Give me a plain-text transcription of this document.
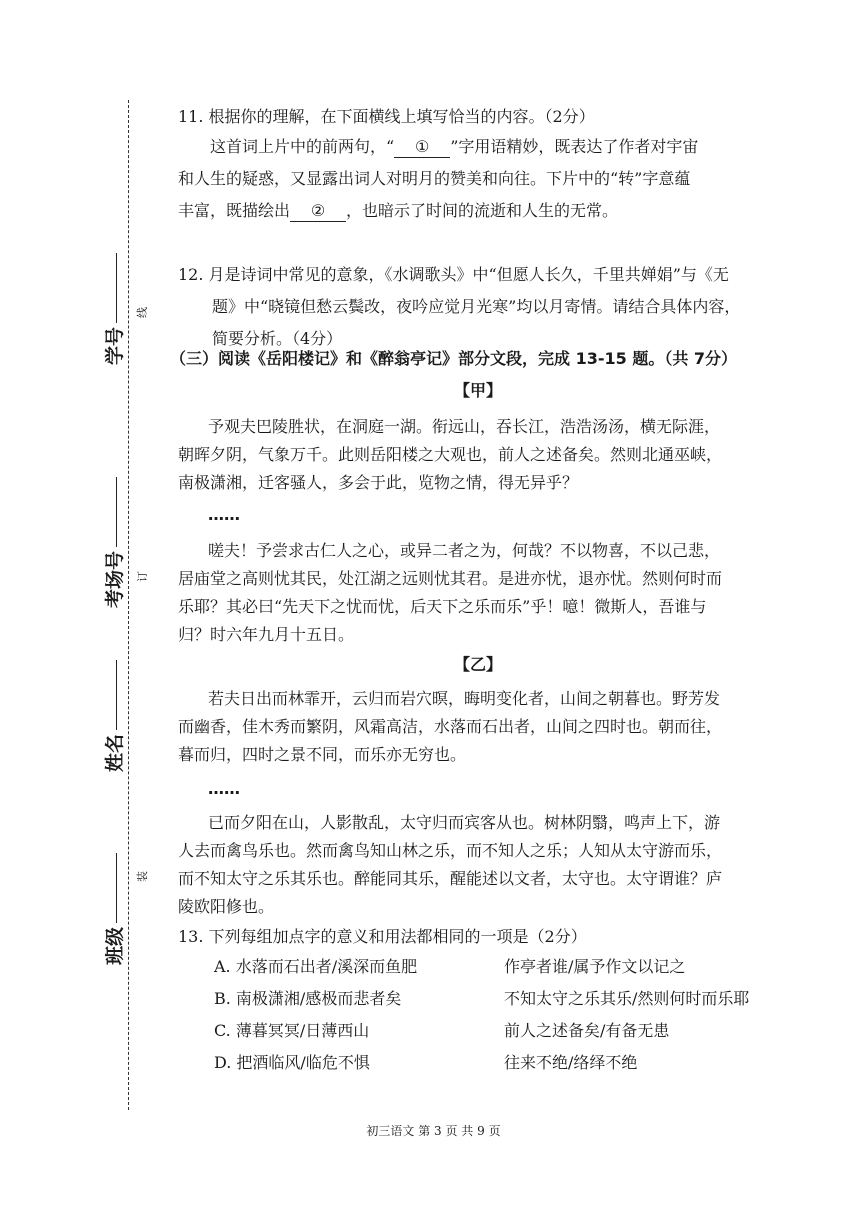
学号
线
考场号 订
姓名
装
班级
11. 根据你的理解，在下面横线上填写恰当的内容。（2分）
这首词上片中的前两句，“ ① ”字用语精妙，既表达了作者对宇宙
和人生的疑惑，又显露出词人对明月的赞美和向往。下片中的“转”字意蕴
丰富，既描绘出 ② ，也暗示了时间的流逝和人生的无常。
12. 月是诗词中常见的意象，《水调歌头》中“但愿人长久，千里共婵娟”与《无
题》中“晓镜但愁云鬓改，夜吟应觉月光寒”均以月寄情。请结合具体内容，
简要分析。（4分）
（三）阅读《岳阳楼记》和《醉翁亭记》部分文段，完成 13-15 题。（共 7分）
【甲】
予观夫巴陵胜状，在洞庭一湖。衔远山，吞长江，浩浩汤汤，横无际涯，
朝晖夕阴，气象万千。此则岳阳楼之大观也，前人之述备矣。然则北通巫峡，
南极潇湘，迁客骚人，多会于此，览物之情，得无异乎？
……
嗟夫！予尝求古仁人之心，或异二者之为，何哉？不以物喜，不以己悲，
居庙堂之高则忧其民，处江湖之远则忧其君。是进亦忧，退亦忧。然则何时而
乐耶？其必曰“先天下之忧而忧，后天下之乐而乐”乎！噫！微斯人，吾谁与
归？时六年九月十五日。
【乙】
若夫日出而林霏开，云归而岩穴暝，晦明变化者，山间之朝暮也。野芳发
而幽香，佳木秀而繁阴，风霜高洁，水落而石出者，山间之四时也。朝而往，
暮而归，四时之景不同，而乐亦无穷也。
……
已而夕阳在山，人影散乱，太守归而宾客从也。树林阴翳，鸣声上下，游
人去而禽鸟乐也。然而禽鸟知山林之乐，而不知人之乐；人知从太守游而乐，
而不知太守之乐其乐也。醉能同其乐，醒能述以文者，太守也。太守谓谁？庐
陵欧阳修也。
13. 下列每组加点字的意义和用法都相同的一项是（2分）
A. 水落而石出者/溪深而鱼肥	作亭者谁/属予作文以记之
B. 南极潇湘/感极而悲者矣	不知太守之乐其乐/然则何时而乐耶
C. 薄暮冥冥/日薄西山	前人之述备矣/有备无患
D. 把酒临风/临危不惧	往来不绝/络绎不绝
初三语文 第 3 页 共 9 页
